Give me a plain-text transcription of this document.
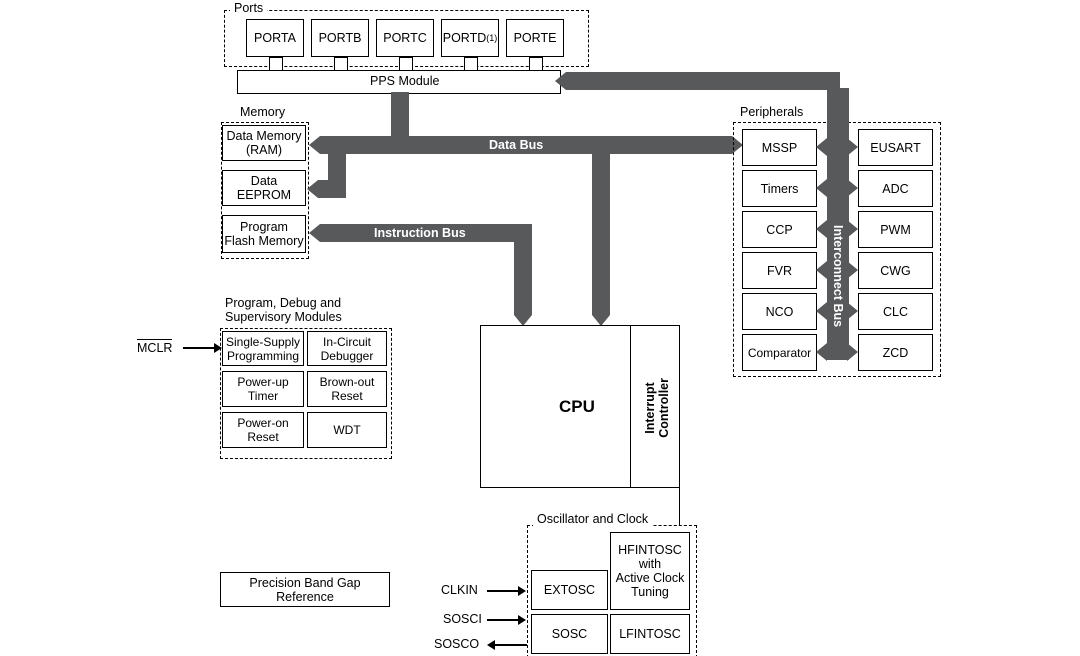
Ports
PORTA PORTB PORTC PORTD (1) PORTE
PPS Module
Memory
Data Memory
(RAM)
Data
EEPROM
Program
Flash Memory
Data Bus
Instruction Bus
Peripherals
MSSP
Timers
CCP
FVR
NCO
Comparator
EUSART
ADC
PWM
CWG
CLC
ZCD
Interconnect Bus
Program, Debug and
Supervisory Modules
Single-Supply
Programming
In-Circuit
Debugger
Power-up
Timer
Brown-out
Reset
Power-on
Reset	WDT
MCLR
CPU	Interrupt
Controller
Oscillator and Clock
HFINTOSC
with
Active Clock
Tuning
EXTOSC
SOSC	LFINTOSC
CLKIN
SOSCI
SOSCO
Precision Band Gap Reference
